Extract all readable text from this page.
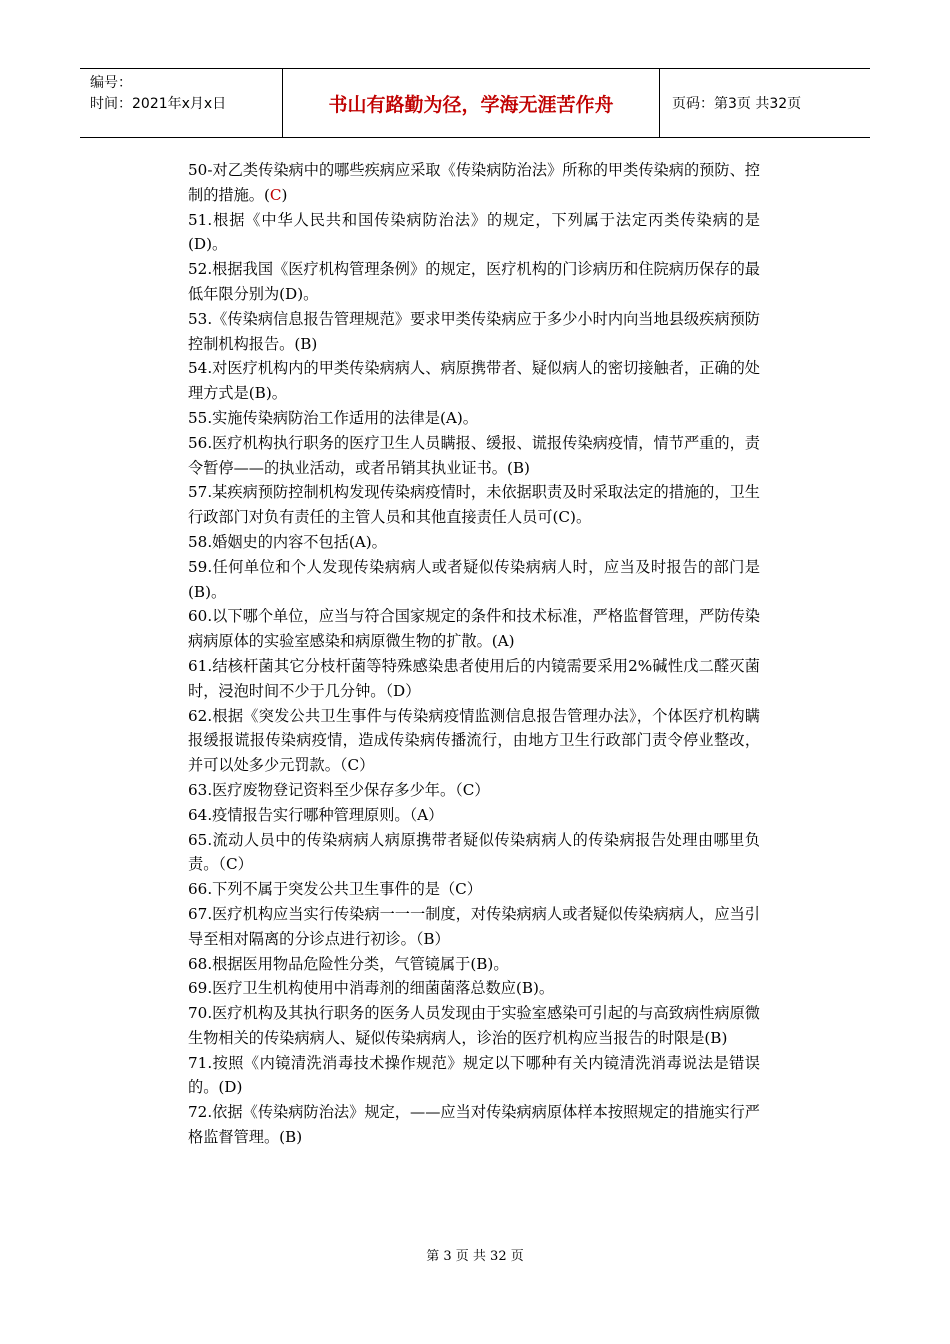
编号：
时间：2021年x月x日	书山有路勤为径，学海无涯苦作舟	页码：第3页 共32页

50-对乙类传染病中的哪些疾病应采取《传染病防治法》所称的甲类传染病的预防、控制的措施。(C)

51.根据《中华人民共和国传染病防治法》的规定，下列属于法定丙类传染病的是(D)。

52.根据我国《医疗机构管理条例》的规定，医疗机构的门诊病历和住院病历保存的最低年限分别为(D)。

53.《传染病信息报告管理规范》要求甲类传染病应于多少小时内向当地县级疾病预防控制机构报告。(B)

54.对医疗机构内的甲类传染病病人、病原携带者、疑似病人的密切接触者，正确的处理方式是(B)。

55.实施传染病防治工作适用的法律是(A)。

56.医疗机构执行职务的医疗卫生人员瞒报、缓报、谎报传染病疫情，情节严重的，责令暂停——的执业活动，或者吊销其执业证书。(B)

57.某疾病预防控制机构发现传染病疫情时，未依据职责及时采取法定的措施的，卫生行政部门对负有责任的主管人员和其他直接责任人员可(C)。

58.婚姻史的内容不包括(A)。

59.任何单位和个人发现传染病病人或者疑似传染病病人时，应当及时报告的部门是(B)。

60.以下哪个单位，应当与符合国家规定的条件和技术标准，严格监督管理，严防传染病病原体的实验室感染和病原微生物的扩散。(A)

61.结核杆菌其它分枝杆菌等特殊感染患者使用后的内镜需要采用2%碱性戊二醛灭菌时，浸泡时间不少于几分钟。（D）

62.根据《突发公共卫生事件与传染病疫情监测信息报告管理办法》，个体医疗机构瞒报缓报谎报传染病疫情，造成传染病传播流行，由地方卫生行政部门责令停业整改，并可以处多少元罚款。（C）

63.医疗废物登记资料至少保存多少年。（C）

64.疫情报告实行哪种管理原则。（A）

65.流动人员中的传染病病人病原携带者疑似传染病病人的传染病报告处理由哪里负责。（C）

66.下列不属于突发公共卫生事件的是（C）

67.医疗机构应当实行传染病一一一制度，对传染病病人或者疑似传染病病人，应当引导至相对隔离的分诊点进行初诊。（B）

68.根据医用物品危险性分类，气管镜属于(B)。

69.医疗卫生机构使用中消毒剂的细菌菌落总数应(B)。

70.医疗机构及其执行职务的医务人员发现由于实验室感染可引起的与高致病性病原微生物相关的传染病病人、疑似传染病病人，诊治的医疗机构应当报告的时限是(B)

71.按照《内镜清洗消毒技术操作规范》规定以下哪种有关内镜清洗消毒说法是错误的。(D)

72.依据《传染病防治法》规定，——应当对传染病病原体样本按照规定的措施实行严格监督管理。(B)

第 3 页 共 32 页
